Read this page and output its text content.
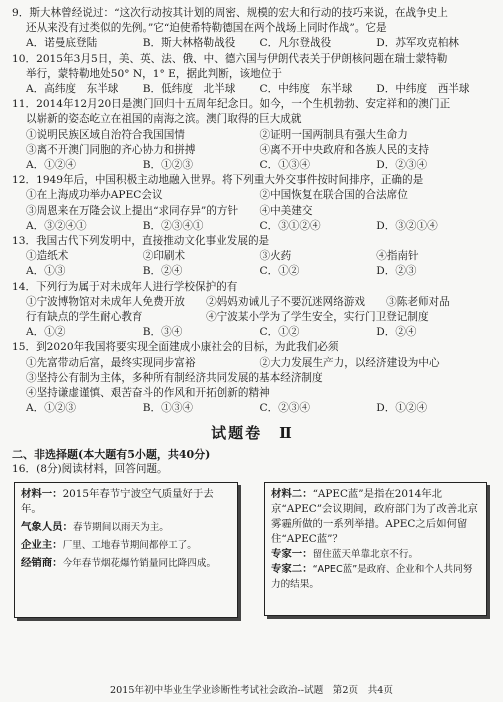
9．斯大林曾经说过：“这次行动按其计划的周密、规模的宏大和行动的技巧来说，在战争史上

还从来没有过类似的先例。”它“迫使希特勒德国在两个战场上同时作战”。它是

A．诺曼底登陆	B．斯大林格勒战役	C．凡尔登战役	D．苏军攻克柏林

10．2015年3月5日，美、英、法、俄、中、德六国与伊朗代表关于伊朗核问题在瑞士蒙特勒

举行，蒙特勒地处50° N，1° E，据此判断，该地位于

A．高纬度　东半球	B．低纬度　北半球	C．中纬度　东半球	D．中纬度　西半球

11．2014年12月20日是澳门回归十五周年纪念日。如今，一个生机勃勃、安定祥和的澳门正

以崭新的姿态屹立在祖国的南海之滨。澳门取得的巨大成就

①说明民族区域自治符合我国国情	②证明一国两制具有强大生命力
③离不开澳门同胞的齐心协力和拼搏	④离不开中央政府和各族人民的支持
A．①②④	B．①②③	C．①③④	D．②③④

12．1949年后，中国积极主动地融入世界。将下列重大外交事件按时间排序，正确的是

①在上海成功举办APEC会议	②中国恢复在联合国的合法席位
③周恩来在万隆会议上提出“求同存异”的方针	④中美建交
A．③②④①	B．②③④①	C．③①②④	D．③②①④

13．我国古代下列发明中，直接推动文化事业发展的是

①造纸术	②印刷术	③火药	④指南针
A．①③	B．②④	C．①②	D．②③

14．下列行为属于对未成年人进行学校保护的有

①宁波博物馆对未成年人免费开放　　②妈妈劝诫儿子不要沉迷网络游戏　　③陈老师对品

行有缺点的学生耐心教育　　　　　　④宁波某小学为了学生安全，实行门卫登记制度

A．①②	B．③④	C．①②	D．②④

15．到2020年我国将要实现全面建成小康社会的目标，为此我们必须

①先富带动后富，最终实现同步富裕	②大力发展生产力，以经济建设为中心
③坚持公有制为主体，多种所有制经济共同发展的基本经济制度
④坚持谦虚谨慎、艰苦奋斗的作风和开拓创新的精神
A．①②③	B．①③④	C．②③④	D．①②④
试题卷　Ⅱ

二、非选择题(本大题有5小题，共40分)

16．(8分)阅读材料，回答问题。

材料一：2015年春节宁波空气质量好于去年。
气象人员：春节期间以雨天为主。
企业主：厂里、工地春节期间都停工了。
经销商：今年春节烟花爆竹销量同比降四成。
材料二：“APEC蓝”是指在2014年北京“APEC”会议期间，政府部门为了改善北京雾霾所做的一系列举措。APEC之后如何留住“APEC蓝”？
专家一：留住蓝天单靠北京不行。
专家二：“APEC蓝”是政府、企业和个人共同努力的结果。
2015年初中毕业生学业诊断性考试社会政治--试题　第2页　共4页
